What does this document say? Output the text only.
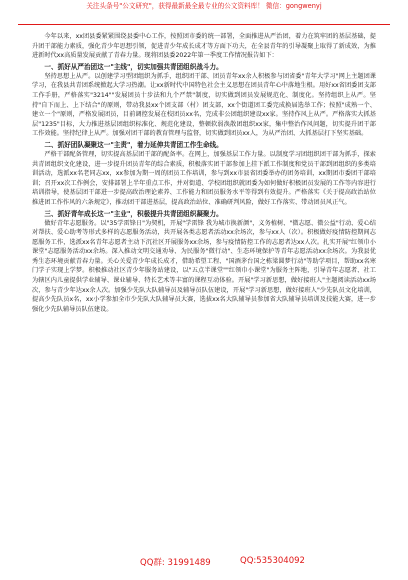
关注头条号"公文研究"，获得最新最全最专业的公文资料库！ 微信：gongwenyj

今年以来，xx团县委紧紧围绕县委中心工作，按照团市委的统一部署，全面推进从严治团，着力在筑牢团的基层基础，提升团干部能力素质，强化青少年思想引领，促进青少年成长成才等方面下功夫，在全县青年的引导凝聚上取得了新成效，为推进新时代xx高质量发展贡献了青春力量。现将团县委2022年第一季度工作情况报告如下：

一、抓好从严治团这一"主线"，切实加强共青团组织战斗力。

坚持思想上从严。以创建学习型团组织为抓手，组织团干部、团员青年xx余人积极参与团省委"青年大学习"网上主题团课学习，在我县共青团系统掀起大学习热潮。让xx新时代中国特色社会主义思想在团员青年心中落地生根。用好xx省团委团支部工作手册，严格落实"3214""发展团员十步法和九个严禁"制度，切实做到团员发展规范化、制度化。坚持组织上从严。坚持"自下而上、上下结合"的原则，带动我县xx个团支部（村）团支部，xx个街道团工委完成换届选举工作；按照"成熟一个、建立一个"原则，严格发展团员，目前调控发展在校团员xx名，完成非公团组织建设xx家。坚持作风上从严。严格落实大抓基层"1235"目标，大力推进基层团组织标准化、规范化建设，整顿软弱涣散团组织xx家，集中整治作风问题，切实提升团干部工作效能。坚持纪律上从严。加强对团干部的教育管理与监督，切实做到团员xx人，为从严治团、大抓基层打下坚实基础。

二、抓好团队凝聚这一"主责"，着力延伸共青团工作生命线。

严格干部配备管理，切实提高基层团干部的配备率。在网上，加强基层工作力量。以制度学习团组织团干部为抓手，探索共青团组织文化建设，进一步提升团员青年的综合素质，积极落实团干部参加上挂下派工作制度和党员干部到团组织的多类培训活动，选派xx名老同志xx，xx参加为期一周的团员工作培训，参与到xx市县省团委举办的团务培训，xx期团市委团干部培训；召开xx次工作例会，安排部署上半年重点工作，并对街道、学校团组织就团委为如何做好积极团员发展的工作等内容进行培训指导，使基层团干部进一步提高政治理论素养、工作能力和团员服务水平等得到有效提升。严格落实《关于提高政治站位推进团工作作风的六条规定》，推动团干部进基层，提高政治站位、准确研判风险，做好工作落实、带动团员风正气。

三、抓好青年成长这一"主业"，积极提升共青团组织凝聚力。

做好青年志愿服务。以"35学雷锋日"为契机，开展"学雷锋 我为城市换新颜"，义务植树、"微志愿、微公益"行动、爱心结对帮扶、爱心助考等形式多样的志愿服务活动，共开展各类志愿者活动xx余场次，参与xx人（次）。积极做好疫情防控期间志愿服务工作，选派xx名青年志愿者主动下沉社区开展服务xx余场，参与疫情防控工作的志愿者达xx人次。扎实开展"红领巾小课堂"志愿服务活动xx余场。深入推动文明交通劝导、为民服务"微行动"、生态环境保护等青年志愿活动xx余场次。为我县优秀生态环境贡献青春力量。关心关爱青少年成长成才，借助希望工程、"国酒茅台国之栋梁圆梦行动"等助学项目，帮助xx名寒门学子实现上学梦。积极推动社区青少年服务站建设，以"五点半课堂""红领巾小课堂"为服务主阵地，引导青年志愿者、社工为辖区内儿童提供学业辅导、课业辅导、特长艺术等丰富的课程互动体验。开展"学习新思想，做好接班人"主题阅读活动xx场次，参与青少年达xx余人次。加强少先队大队辅导员及辅导员队伍建设，开展"学习新思想，做好接班人"少先队员文化培训，提高少先队员x名，xx小学参加全市少先队大队辅导员大赛，选拔xx名大队辅导员参加省大队辅导员培训及技能大赛，进一步强化少先队辅导员队伍建设。

QQ群: 31991489	QQ:535304092
